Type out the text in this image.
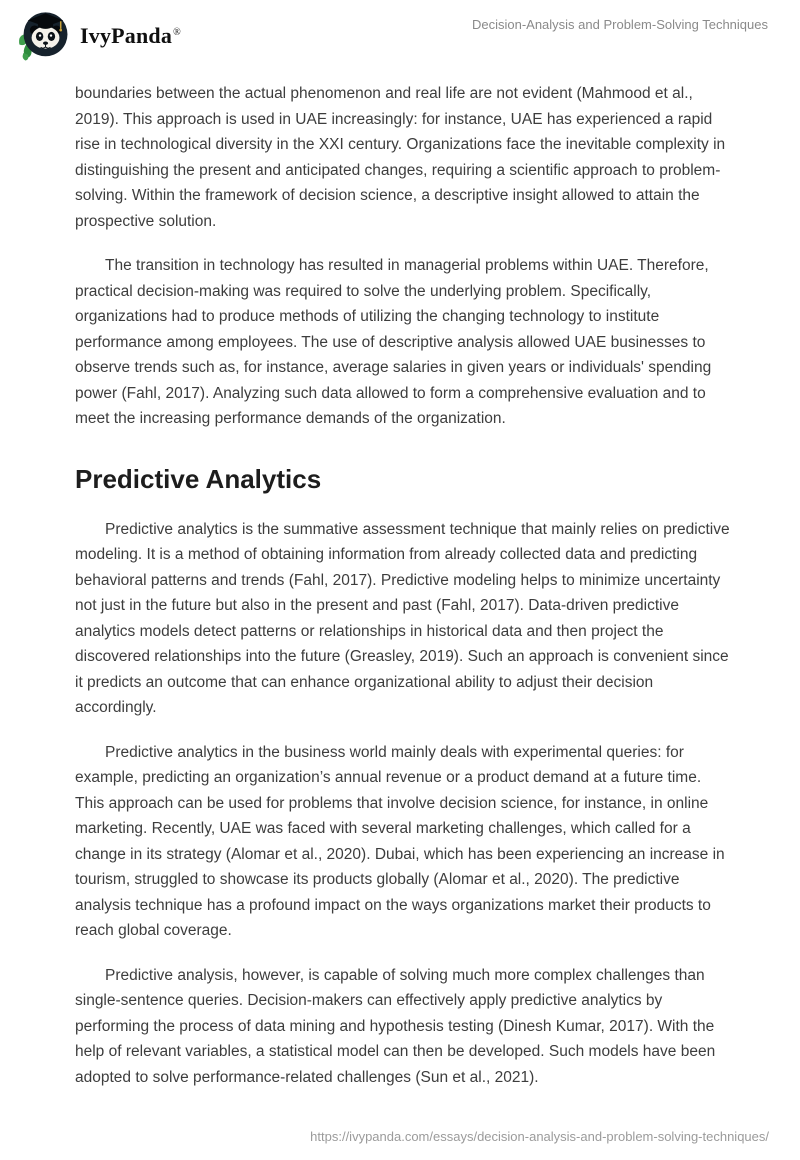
IvyPanda®
Decision-Analysis and Problem-Solving Techniques

boundaries between the actual phenomenon and real life are not evident (Mahmood et al., 2019). This approach is used in UAE increasingly: for instance, UAE has experienced a rapid rise in technological diversity in the XXI century. Organizations face the inevitable complexity in distinguishing the present and anticipated changes, requiring a scientific approach to problem-solving. Within the framework of decision science, a descriptive insight allowed to attain the prospective solution.

The transition in technology has resulted in managerial problems within UAE. Therefore, practical decision-making was required to solve the underlying problem. Specifically, organizations had to produce methods of utilizing the changing technology to institute performance among employees. The use of descriptive analysis allowed UAE businesses to observe trends such as, for instance, average salaries in given years or individuals' spending power (Fahl, 2017). Analyzing such data allowed to form a comprehensive evaluation and to meet the increasing performance demands of the organization.

Predictive Analytics

Predictive analytics is the summative assessment technique that mainly relies on predictive modeling. It is a method of obtaining information from already collected data and predicting behavioral patterns and trends (Fahl, 2017). Predictive modeling helps to minimize uncertainty not just in the future but also in the present and past (Fahl, 2017). Data-driven predictive analytics models detect patterns or relationships in historical data and then project the discovered relationships into the future (Greasley, 2019). Such an approach is convenient since it predicts an outcome that can enhance organizational ability to adjust their decision accordingly.

Predictive analytics in the business world mainly deals with experimental queries: for example, predicting an organization’s annual revenue or a product demand at a future time. This approach can be used for problems that involve decision science, for instance, in online marketing. Recently, UAE was faced with several marketing challenges, which called for a change in its strategy (Alomar et al., 2020). Dubai, which has been experiencing an increase in tourism, struggled to showcase its products globally (Alomar et al., 2020). The predictive analysis technique has a profound impact on the ways organizations market their products to reach global coverage.

Predictive analysis, however, is capable of solving much more complex challenges than single-sentence queries. Decision-makers can effectively apply predictive analytics by performing the process of data mining and hypothesis testing (Dinesh Kumar, 2017). With the help of relevant variables, a statistical model can then be developed. Such models have been adopted to solve performance-related challenges (Sun et al., 2021).

https://ivypanda.com/essays/decision-analysis-and-problem-solving-techniques/
